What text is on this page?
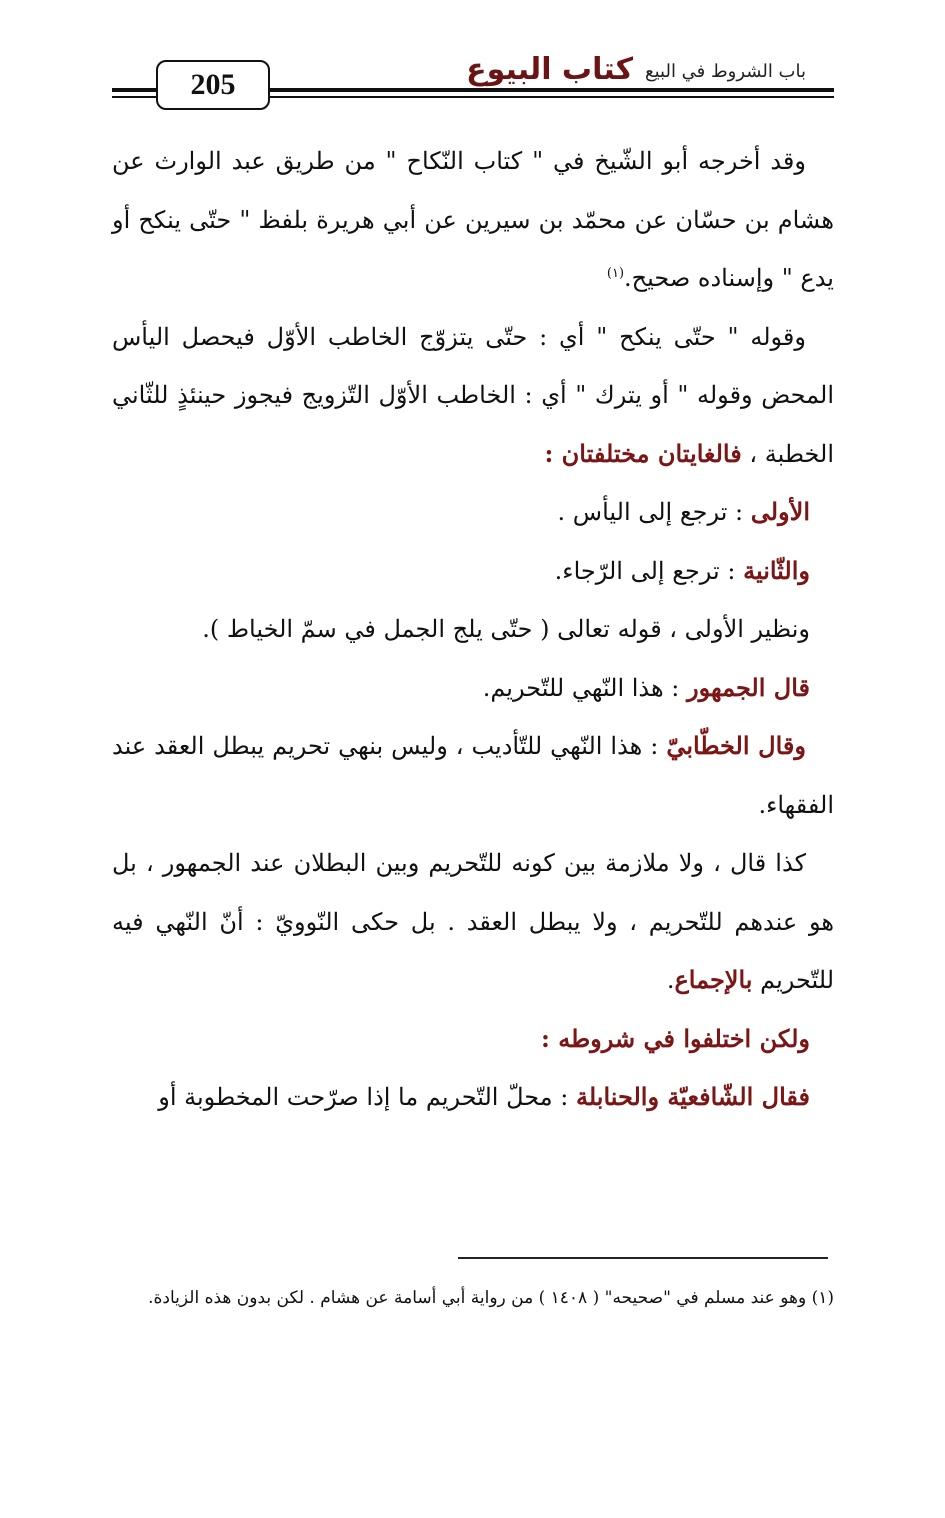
205	كتاب البيوع باب الشروط في البيع

وقد أخرجه أبو الشّيخ في " كتاب النّكاح " من طريق عبد الوارث عن هشام بن حسّان عن محمّد بن سيرين عن أبي هريرة بلفظ " حتّى ينكح أو يدع " وإسناده صحيح.$^{(١)}$

وقوله " حتّى ينكح " أي : حتّى يتزوّج الخاطب الأوّل فيحصل اليأس المحض وقوله " أو يترك " أي : الخاطب الأوّل التّزويج فيجوز حينئذٍ للثّاني الخطبة ، فالغايتان مختلفتان :

الأولى : ترجع إلى اليأس .

والثّانية : ترجع إلى الرّجاء.

ونظير الأولى ، قوله تعالى ( حتّى يلج الجمل في سمّ الخياط ).

قال الجمهور : هذا النّهي للتّحريم.

وقال الخطّابيّ : هذا النّهي للتّأديب ، وليس بنهي تحريم يبطل العقد عند الفقهاء.

كذا قال ، ولا ملازمة بين كونه للتّحريم وبين البطلان عند الجمهور ، بل هو عندهم للتّحريم ، ولا يبطل العقد . بل حكى النّوويّ : أنّ النّهي فيه للتّحريم بالإجماع.

ولكن اختلفوا في شروطه :

فقال الشّافعيّة والحنابلة : محلّ التّحريم ما إذا صرّحت المخطوبة أو

(١) وهو عند مسلم في "صحيحه" ( ١٤٠٨ ) من رواية أبي أسامة عن هشام . لكن بدون هذه الزيادة.
